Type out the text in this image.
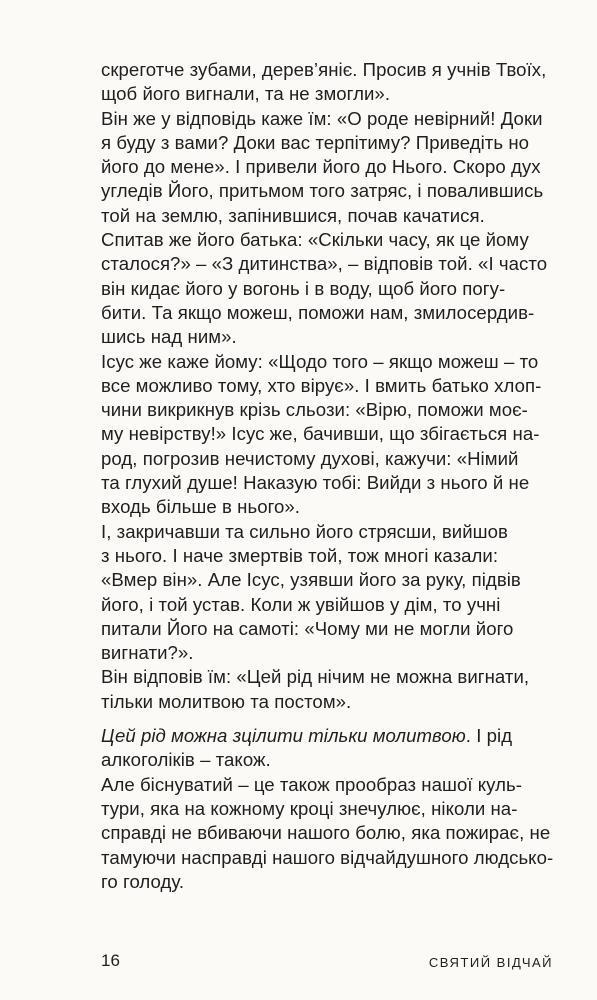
скреготче зубами, дерев’яніє. Просив я учнів Твоїх,
щоб його вигнали, та не змогли».
Він же у відповідь каже їм: «О роде невірний! Доки
я буду з вами? Доки вас терпітиму? Приведіть но
його до мене». І привели його до Нього. Скоро дух
угледів Його, притьмом того затряс, і повалившись
той на землю, запінившися, почав качатися.
Спитав же його батька: «Скільки часу, як це йому
сталося?» – «З дитинства», – відповів той. «І часто
він кидає його у вогонь і в воду, щоб його погу-
бити. Та якщо можеш, поможи нам, змилосердив-
шись над ним».
Ісус же каже йому: «Щодо того – якщо можеш – то
все можливо тому, хто вірує». І вмить батько хлоп-
чини викрикнув крізь сльози: «Вірю, поможи моє-
му невірству!» Ісус же, бачивши, що збігається на-
род, погрозив нечистому духові, кажучи: «Німий
та глухий душе! Наказую тобі: Вийди з нього й не
входь більше в нього».
І, закричавши та сильно його стрясши, вийшов
з нього. І наче змертвів той, тож многі казали:
«Вмер він». Але Ісус, узявши його за руку, підвів
його, і той устав. Коли ж увійшов у дім, то учні
питали Його на самоті: «Чому ми не могли його
вигнати?».
Він відповів їм: «Цей рід нічим не можна вигнати,
тільки молитвою та постом».
Цей рід можна зцілити тільки молитвою. І рід
алкоголіків – також.
Але біснуватий – це також прообраз нашої куль-
тури, яка на кожному кроці знечулює, ніколи на-
справді не вбиваючи нашого болю, яка пожирає, не
тамуючи насправді нашого відчайдушного людсько-
го голоду.
16	СВЯТИЙ ВІДЧАЙ
